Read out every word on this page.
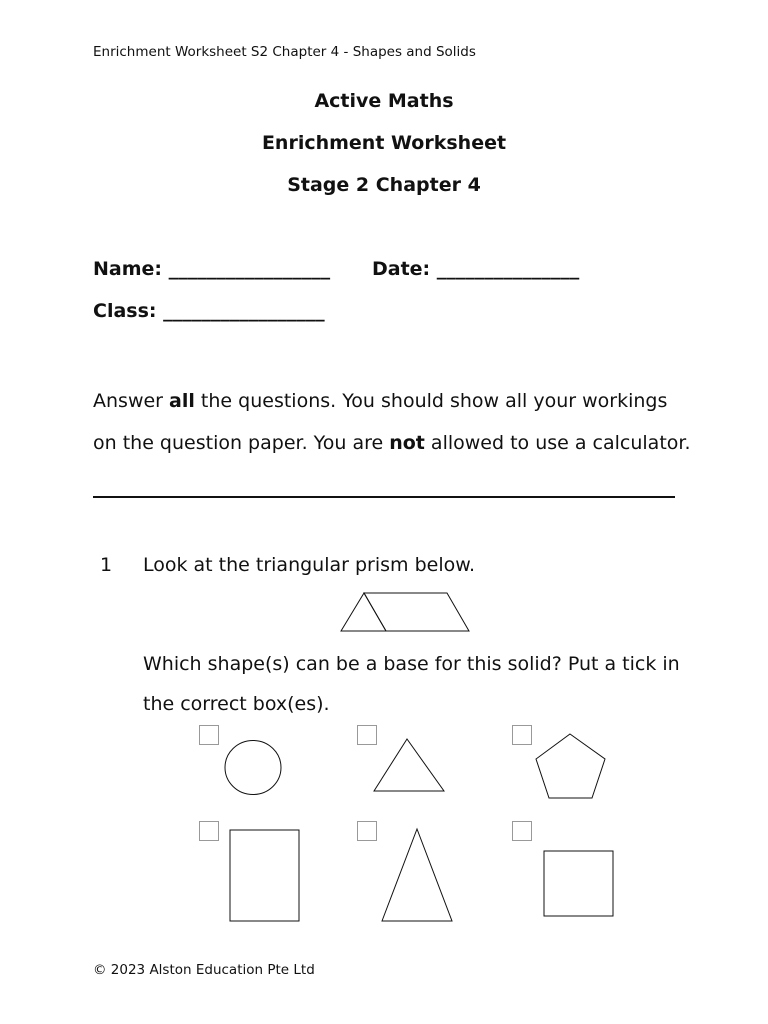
Enrichment Worksheet S2 Chapter 4 - Shapes and Solids
Active Maths
Enrichment Worksheet
Stage 2 Chapter 4
Name: _________________ Date: _______________
Class: _________________
Answer all the questions. You should show all your workings on the question paper. You are not allowed to use a calculator.
1 Look at the triangular prism below.
Which shape(s) can be a base for this solid? Put a tick in the correct box(es).
© 2023 Alston Education Pte Ltd
